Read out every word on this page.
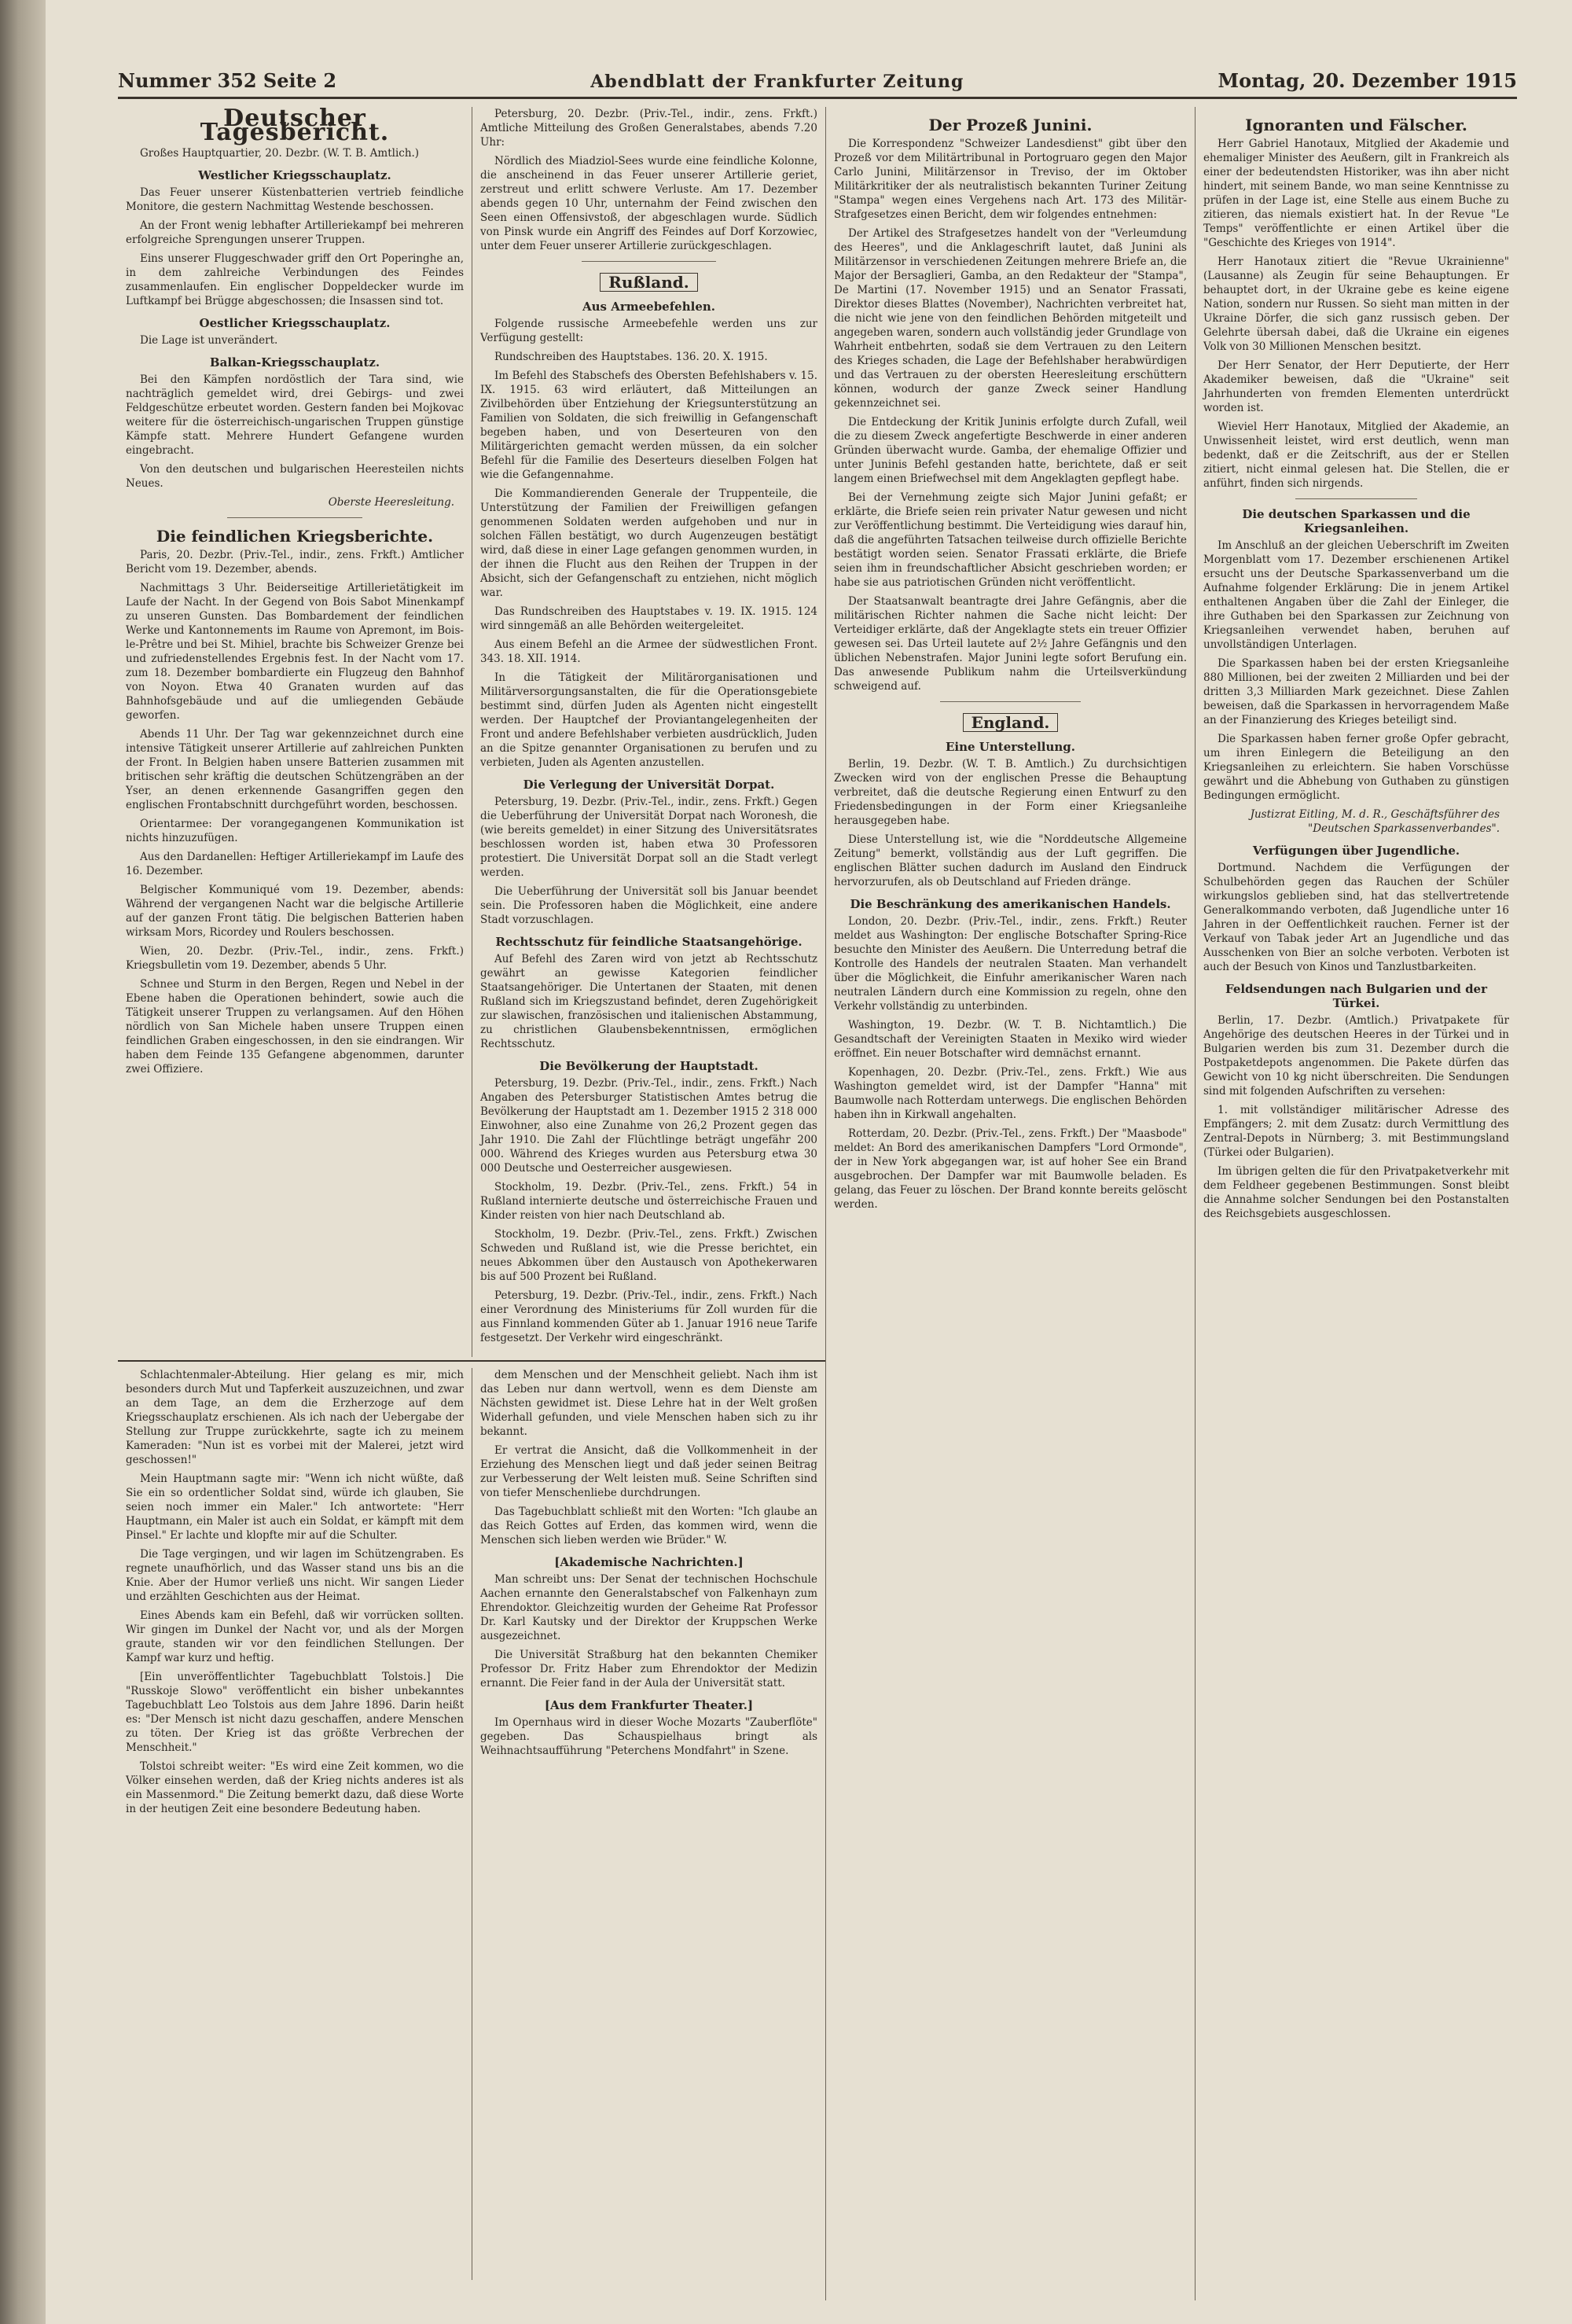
Nummer 352 Seite 2	Abendblatt der Frankfurter Zeitung	Montag, 20. Dezember 1915
Deutscher Tagesbericht.

Großes Hauptquartier, 20. Dezbr. (W. T. B. Amtlich.)

Westlicher Kriegsschauplatz.

Das Feuer unserer Küstenbatterien vertrieb feindliche Monitore, die gestern Nachmittag Westende beschossen.

An der Front wenig lebhafter Artilleriekampf bei mehreren erfolgreiche Sprengungen unserer Truppen.

Eins unserer Fluggeschwader griff den Ort Poperinghe an, in dem zahlreiche Verbindungen des Feindes zusammenlaufen. Ein englischer Doppeldecker wurde im Luftkampf bei Brügge abgeschossen; die Insassen sind tot.

Oestlicher Kriegsschauplatz.

Die Lage ist unverändert.

Balkan-Kriegsschauplatz.

Bei den Kämpfen nordöstlich der Tara sind, wie nachträglich gemeldet wird, drei Gebirgs- und zwei Feldgeschütze erbeutet worden. Gestern fanden bei Mojkovac weitere für die österreichisch-ungarischen Truppen günstige Kämpfe statt. Mehrere Hundert Gefangene wurden eingebracht.

Von den deutschen und bulgarischen Heeresteilen nichts Neues.

Oberste Heeresleitung.
Die feindlichen Kriegsberichte.

Paris, 20. Dezbr. (Priv.-Tel., indir., zens. Frkft.) Amtlicher Bericht vom 19. Dezember, abends.

Nachmittags 3 Uhr. Beiderseitige Artillerietätigkeit im Laufe der Nacht. In der Gegend von Bois Sabot Minenkampf zu unseren Gunsten. Das Bombardement der feindlichen Werke und Kantonnements im Raume von Apremont, im Bois-le-Prêtre und bei St. Mihiel, brachte bis Schweizer Grenze bei und zufriedenstellendes Ergebnis fest. In der Nacht vom 17. zum 18. Dezember bombardierte ein Flugzeug den Bahnhof von Noyon. Etwa 40 Granaten wurden auf das Bahnhofsgebäude und auf die umliegenden Gebäude geworfen.

Abends 11 Uhr. Der Tag war gekennzeichnet durch eine intensive Tätigkeit unserer Artillerie auf zahlreichen Punkten der Front. In Belgien haben unsere Batterien zusammen mit britischen sehr kräftig die deutschen Schützengräben an der Yser, an denen erkennende Gasangriffen gegen den englischen Frontabschnitt durchgeführt worden, beschossen.

Orientarmee: Der vorangegangenen Kommunikation ist nichts hinzuzufügen.

Aus den Dardanellen: Heftiger Artilleriekampf im Laufe des 16. Dezember.

Belgischer Kommuniqué vom 19. Dezember, abends: Während der vergangenen Nacht war die belgische Artillerie auf der ganzen Front tätig. Die belgischen Batterien haben wirksam Mors, Ricordey und Roulers beschossen.

Wien, 20. Dezbr. (Priv.-Tel., indir., zens. Frkft.) Kriegsbulletin vom 19. Dezember, abends 5 Uhr.

Schnee und Sturm in den Bergen, Regen und Nebel in der Ebene haben die Operationen behindert, sowie auch die Tätigkeit unserer Truppen zu verlangsamen. Auf den Höhen nördlich von San Michele haben unsere Truppen einen feindlichen Graben eingeschossen, in den sie eindrangen. Wir haben dem Feinde 135 Gefangene abgenommen, darunter zwei Offiziere.

Petersburg, 20. Dezbr. (Priv.-Tel., indir., zens. Frkft.) Amtliche Mitteilung des Großen Generalstabes, abends 7.20 Uhr:

Nördlich des Miadziol-Sees wurde eine feindliche Kolonne, die anscheinend in das Feuer unserer Artillerie geriet, zerstreut und erlitt schwere Verluste. Am 17. Dezember abends gegen 10 Uhr, unternahm der Feind zwischen den Seen einen Offensivstoß, der abgeschlagen wurde. Südlich von Pinsk wurde ein Angriff des Feindes auf Dorf Korzowiec, unter dem Feuer unserer Artillerie zurückgeschlagen.

Rußland.
Aus Armeebefehlen.

Folgende russische Armeebefehle werden uns zur Verfügung gestellt:

Rundschreiben des Hauptstabes. 136. 20. X. 1915.

Im Befehl des Stabschefs des Obersten Befehlshabers v. 15. IX. 1915. 63 wird erläutert, daß Mitteilungen an Zivilbehörden über Entziehung der Kriegsunterstützung an Familien von Soldaten, die sich freiwillig in Gefangenschaft begeben haben, und von Deserteuren von den Militärgerichten gemacht werden müssen, da ein solcher Befehl für die Familie des Deserteurs dieselben Folgen hat wie die Gefangennahme.

Die Kommandierenden Generale der Truppenteile, die Unterstützung der Familien der Freiwilligen gefangen genommenen Soldaten werden aufgehoben und nur in solchen Fällen bestätigt, wo durch Augenzeugen bestätigt wird, daß diese in einer Lage gefangen genommen wurden, in der ihnen die Flucht aus den Reihen der Truppen in der Absicht, sich der Gefangenschaft zu entziehen, nicht möglich war.

Das Rundschreiben des Hauptstabes v. 19. IX. 1915. 124 wird sinngemäß an alle Behörden weitergeleitet.

Aus einem Befehl an die Armee der südwestlichen Front. 343. 18. XII. 1914.

In die Tätigkeit der Militärorganisationen und Militärversorgungsanstalten, die für die Operationsgebiete bestimmt sind, dürfen Juden als Agenten nicht eingestellt werden. Der Hauptchef der Proviantangelegenheiten der Front und andere Befehlshaber verbieten ausdrücklich, Juden an die Spitze genannter Organisationen zu berufen und zu verbieten, Juden als Agenten anzustellen.

Die Verlegung der Universität Dorpat.

Petersburg, 19. Dezbr. (Priv.-Tel., indir., zens. Frkft.) Gegen die Ueberführung der Universität Dorpat nach Woronesh, die (wie bereits gemeldet) in einer Sitzung des Universitätsrates beschlossen worden ist, haben etwa 30 Professoren protestiert. Die Universität Dorpat soll an die Stadt verlegt werden.

Die Ueberführung der Universität soll bis Januar beendet sein. Die Professoren haben die Möglichkeit, eine andere Stadt vorzuschlagen.

Rechtsschutz für feindliche Staatsangehörige.

Auf Befehl des Zaren wird von jetzt ab Rechtsschutz gewährt an gewisse Kategorien feindlicher Staatsangehöriger. Die Untertanen der Staaten, mit denen Rußland sich im Kriegszustand befindet, deren Zugehörigkeit zur slawischen, französischen und italienischen Abstammung, zu christlichen Glaubensbekenntnissen, ermöglichen Rechtsschutz.

Die Bevölkerung der Hauptstadt.

Petersburg, 19. Dezbr. (Priv.-Tel., indir., zens. Frkft.) Nach Angaben des Petersburger Statistischen Amtes betrug die Bevölkerung der Hauptstadt am 1. Dezember 1915 2 318 000 Einwohner, also eine Zunahme von 26,2 Prozent gegen das Jahr 1910. Die Zahl der Flüchtlinge beträgt ungefähr 200 000. Während des Krieges wurden aus Petersburg etwa 30 000 Deutsche und Oesterreicher ausgewiesen.

Stockholm, 19. Dezbr. (Priv.-Tel., zens. Frkft.) 54 in Rußland internierte deutsche und österreichische Frauen und Kinder reisten von hier nach Deutschland ab.

Stockholm, 19. Dezbr. (Priv.-Tel., zens. Frkft.) Zwischen Schweden und Rußland ist, wie die Presse berichtet, ein neues Abkommen über den Austausch von Apothekerwaren bis auf 500 Prozent bei Rußland.

Petersburg, 19. Dezbr. (Priv.-Tel., indir., zens. Frkft.) Nach einer Verordnung des Ministeriums für Zoll wurden für die aus Finnland kommenden Güter ab 1. Januar 1916 neue Tarife festgesetzt. Der Verkehr wird eingeschränkt.

Der Prozeß Junini.

Die Korrespondenz "Schweizer Landesdienst" gibt über den Prozeß vor dem Militärtribunal in Portogruaro gegen den Major Carlo Junini, Militärzensor in Treviso, der im Oktober Militärkritiker der als neutralistisch bekannten Turiner Zeitung "Stampa" wegen eines Vergehens nach Art. 173 des Militär-Strafgesetzes einen Bericht, dem wir folgendes entnehmen:

Der Artikel des Strafgesetzes handelt von der "Verleumdung des Heeres", und die Anklageschrift lautet, daß Junini als Militärzensor in verschiedenen Zeitungen mehrere Briefe an, die Major der Bersaglieri, Gamba, an den Redakteur der "Stampa", De Martini (17. November 1915) und an Senator Frassati, Direktor dieses Blattes (November), Nachrichten verbreitet hat, die nicht wie jene von den feindlichen Behörden mitgeteilt und angegeben waren, sondern auch vollständig jeder Grundlage von Wahrheit entbehrten, sodaß sie dem Vertrauen zu den Leitern des Krieges schaden, die Lage der Befehlshaber herabwürdigen und das Vertrauen zu der obersten Heeresleitung erschüttern können, wodurch der ganze Zweck seiner Handlung gekennzeichnet sei.

Die Entdeckung der Kritik Juninis erfolgte durch Zufall, weil die zu diesem Zweck angefertigte Beschwerde in einer anderen Gründen überwacht wurde. Gamba, der ehemalige Offizier und unter Juninis Befehl gestanden hatte, berichtete, daß er seit langem einen Briefwechsel mit dem Angeklagten gepflegt habe.

Bei der Vernehmung zeigte sich Major Junini gefaßt; er erklärte, die Briefe seien rein privater Natur gewesen und nicht zur Veröffentlichung bestimmt. Die Verteidigung wies darauf hin, daß die angeführten Tatsachen teilweise durch offizielle Berichte bestätigt worden seien. Senator Frassati erklärte, die Briefe seien ihm in freundschaftlicher Absicht geschrieben worden; er habe sie aus patriotischen Gründen nicht veröffentlicht.

Der Staatsanwalt beantragte drei Jahre Gefängnis, aber die militärischen Richter nahmen die Sache nicht leicht: Der Verteidiger erklärte, daß der Angeklagte stets ein treuer Offizier gewesen sei. Das Urteil lautete auf 2½ Jahre Gefängnis und den üblichen Nebenstrafen. Major Junini legte sofort Berufung ein. Das anwesende Publikum nahm die Urteilsverkündung schweigend auf.

England.
Eine Unterstellung.

Berlin, 19. Dezbr. (W. T. B. Amtlich.) Zu durchsichtigen Zwecken wird von der englischen Presse die Behauptung verbreitet, daß die deutsche Regierung einen Entwurf zu den Friedensbedingungen in der Form einer Kriegsanleihe herausgegeben habe.

Diese Unterstellung ist, wie die "Norddeutsche Allgemeine Zeitung" bemerkt, vollständig aus der Luft gegriffen. Die englischen Blätter suchen dadurch im Ausland den Eindruck hervorzurufen, als ob Deutschland auf Frieden dränge.

Die Beschränkung des amerikanischen Handels.

London, 20. Dezbr. (Priv.-Tel., indir., zens. Frkft.) Reuter meldet aus Washington: Der englische Botschafter Spring-Rice besuchte den Minister des Aeußern. Die Unterredung betraf die Kontrolle des Handels der neutralen Staaten. Man verhandelt über die Möglichkeit, die Einfuhr amerikanischer Waren nach neutralen Ländern durch eine Kommission zu regeln, ohne den Verkehr vollständig zu unterbinden.

Washington, 19. Dezbr. (W. T. B. Nichtamtlich.) Die Gesandtschaft der Vereinigten Staaten in Mexiko wird wieder eröffnet. Ein neuer Botschafter wird demnächst ernannt.

Kopenhagen, 20. Dezbr. (Priv.-Tel., zens. Frkft.) Wie aus Washington gemeldet wird, ist der Dampfer "Hanna" mit Baumwolle nach Rotterdam unterwegs. Die englischen Behörden haben ihn in Kirkwall angehalten.

Rotterdam, 20. Dezbr. (Priv.-Tel., zens. Frkft.) Der "Maasbode" meldet: An Bord des amerikanischen Dampfers "Lord Ormonde", der in New York abgegangen war, ist auf hoher See ein Brand ausgebrochen. Der Dampfer war mit Baumwolle beladen. Es gelang, das Feuer zu löschen. Der Brand konnte bereits gelöscht werden.

Ignoranten und Fälscher.

Herr Gabriel Hanotaux, Mitglied der Akademie und ehemaliger Minister des Aeußern, gilt in Frankreich als einer der bedeutendsten Historiker, was ihn aber nicht hindert, mit seinem Bande, wo man seine Kenntnisse zu prüfen in der Lage ist, eine Stelle aus einem Buche zu zitieren, das niemals existiert hat. In der Revue "Le Temps" veröffentlichte er einen Artikel über die "Geschichte des Krieges von 1914".

Herr Hanotaux zitiert die "Revue Ukrainienne" (Lausanne) als Zeugin für seine Behauptungen. Er behauptet dort, in der Ukraine gebe es keine eigene Nation, sondern nur Russen. So sieht man mitten in der Ukraine Dörfer, die sich ganz russisch geben. Der Gelehrte übersah dabei, daß die Ukraine ein eigenes Volk von 30 Millionen Menschen besitzt.

Der Herr Senator, der Herr Deputierte, der Herr Akademiker beweisen, daß die "Ukraine" seit Jahrhunderten von fremden Elementen unterdrückt worden ist.

Wieviel Herr Hanotaux, Mitglied der Akademie, an Unwissenheit leistet, wird erst deutlich, wenn man bedenkt, daß er die Zeitschrift, aus der er Stellen zitiert, nicht einmal gelesen hat. Die Stellen, die er anführt, finden sich nirgends.

Die deutschen Sparkassen und die Kriegsanleihen.

Im Anschluß an der gleichen Ueberschrift im Zweiten Morgenblatt vom 17. Dezember erschienenen Artikel ersucht uns der Deutsche Sparkassenverband um die Aufnahme folgender Erklärung: Die in jenem Artikel enthaltenen Angaben über die Zahl der Einleger, die ihre Guthaben bei den Sparkassen zur Zeichnung von Kriegsanleihen verwendet haben, beruhen auf unvollständigen Unterlagen.

Die Sparkassen haben bei der ersten Kriegsanleihe 880 Millionen, bei der zweiten 2 Milliarden und bei der dritten 3,3 Milliarden Mark gezeichnet. Diese Zahlen beweisen, daß die Sparkassen in hervorragendem Maße an der Finanzierung des Krieges beteiligt sind.

Die Sparkassen haben ferner große Opfer gebracht, um ihren Einlegern die Beteiligung an den Kriegsanleihen zu erleichtern. Sie haben Vorschüsse gewährt und die Abhebung von Guthaben zu günstigen Bedingungen ermöglicht.

Justizrat Eitling, M. d. R., Geschäftsführer des "Deutschen Sparkassenverbandes".
Verfügungen über Jugendliche.

Dortmund. Nachdem die Verfügungen der Schulbehörden gegen das Rauchen der Schüler wirkungslos geblieben sind, hat das stellvertretende Generalkommando verboten, daß Jugendliche unter 16 Jahren in der Oeffentlichkeit rauchen. Ferner ist der Verkauf von Tabak jeder Art an Jugendliche und das Ausschenken von Bier an solche verboten. Verboten ist auch der Besuch von Kinos und Tanzlustbarkeiten.

Feldsendungen nach Bulgarien und der Türkei.

Berlin, 17. Dezbr. (Amtlich.) Privatpakete für Angehörige des deutschen Heeres in der Türkei und in Bulgarien werden bis zum 31. Dezember durch die Postpaketdepots angenommen. Die Pakete dürfen das Gewicht von 10 kg nicht überschreiten. Die Sendungen sind mit folgenden Aufschriften zu versehen:

1. mit vollständiger militärischer Adresse des Empfängers; 2. mit dem Zusatz: durch Vermittlung des Zentral-Depots in Nürnberg; 3. mit Bestimmungsland (Türkei oder Bulgarien).

Im übrigen gelten die für den Privatpaketverkehr mit dem Feldheer gegebenen Bestimmungen. Sonst bleibt die Annahme solcher Sendungen bei den Postanstalten des Reichsgebiets ausgeschlossen.

Schlachtenmaler-Abteilung. Hier gelang es mir, mich besonders durch Mut und Tapferkeit auszuzeichnen, und zwar an dem Tage, an dem die Erzherzoge auf dem Kriegsschauplatz erschienen. Als ich nach der Uebergabe der Stellung zur Truppe zurückkehrte, sagte ich zu meinem Kameraden: "Nun ist es vorbei mit der Malerei, jetzt wird geschossen!"

Mein Hauptmann sagte mir: "Wenn ich nicht wüßte, daß Sie ein so ordentlicher Soldat sind, würde ich glauben, Sie seien noch immer ein Maler." Ich antwortete: "Herr Hauptmann, ein Maler ist auch ein Soldat, er kämpft mit dem Pinsel." Er lachte und klopfte mir auf die Schulter.

Die Tage vergingen, und wir lagen im Schützengraben. Es regnete unaufhörlich, und das Wasser stand uns bis an die Knie. Aber der Humor verließ uns nicht. Wir sangen Lieder und erzählten Geschichten aus der Heimat.

Eines Abends kam ein Befehl, daß wir vorrücken sollten. Wir gingen im Dunkel der Nacht vor, und als der Morgen graute, standen wir vor den feindlichen Stellungen. Der Kampf war kurz und heftig.

[Ein unveröffentlichter Tagebuchblatt Tolstois.] Die "Russkoje Slowo" veröffentlicht ein bisher unbekanntes Tagebuchblatt Leo Tolstois aus dem Jahre 1896. Darin heißt es: "Der Mensch ist nicht dazu geschaffen, andere Menschen zu töten. Der Krieg ist das größte Verbrechen der Menschheit."

Tolstoi schreibt weiter: "Es wird eine Zeit kommen, wo die Völker einsehen werden, daß der Krieg nichts anderes ist als ein Massenmord." Die Zeitung bemerkt dazu, daß diese Worte in der heutigen Zeit eine besondere Bedeutung haben.

dem Menschen und der Menschheit geliebt. Nach ihm ist das Leben nur dann wertvoll, wenn es dem Dienste am Nächsten gewidmet ist. Diese Lehre hat in der Welt großen Widerhall gefunden, und viele Menschen haben sich zu ihr bekannt.

Er vertrat die Ansicht, daß die Vollkommenheit in der Erziehung des Menschen liegt und daß jeder seinen Beitrag zur Verbesserung der Welt leisten muß. Seine Schriften sind von tiefer Menschenliebe durchdrungen.

Das Tagebuchblatt schließt mit den Worten: "Ich glaube an das Reich Gottes auf Erden, das kommen wird, wenn die Menschen sich lieben werden wie Brüder." W.

[Akademische Nachrichten.]

Man schreibt uns: Der Senat der technischen Hochschule Aachen ernannte den Generalstabschef von Falkenhayn zum Ehrendoktor. Gleichzeitig wurden der Geheime Rat Professor Dr. Karl Kautsky und der Direktor der Kruppschen Werke ausgezeichnet.

Die Universität Straßburg hat den bekannten Chemiker Professor Dr. Fritz Haber zum Ehrendoktor der Medizin ernannt. Die Feier fand in der Aula der Universität statt.

[Aus dem Frankfurter Theater.]

Im Opernhaus wird in dieser Woche Mozarts "Zauberflöte" gegeben. Das Schauspielhaus bringt als Weihnachtsaufführung "Peterchens Mondfahrt" in Szene.
